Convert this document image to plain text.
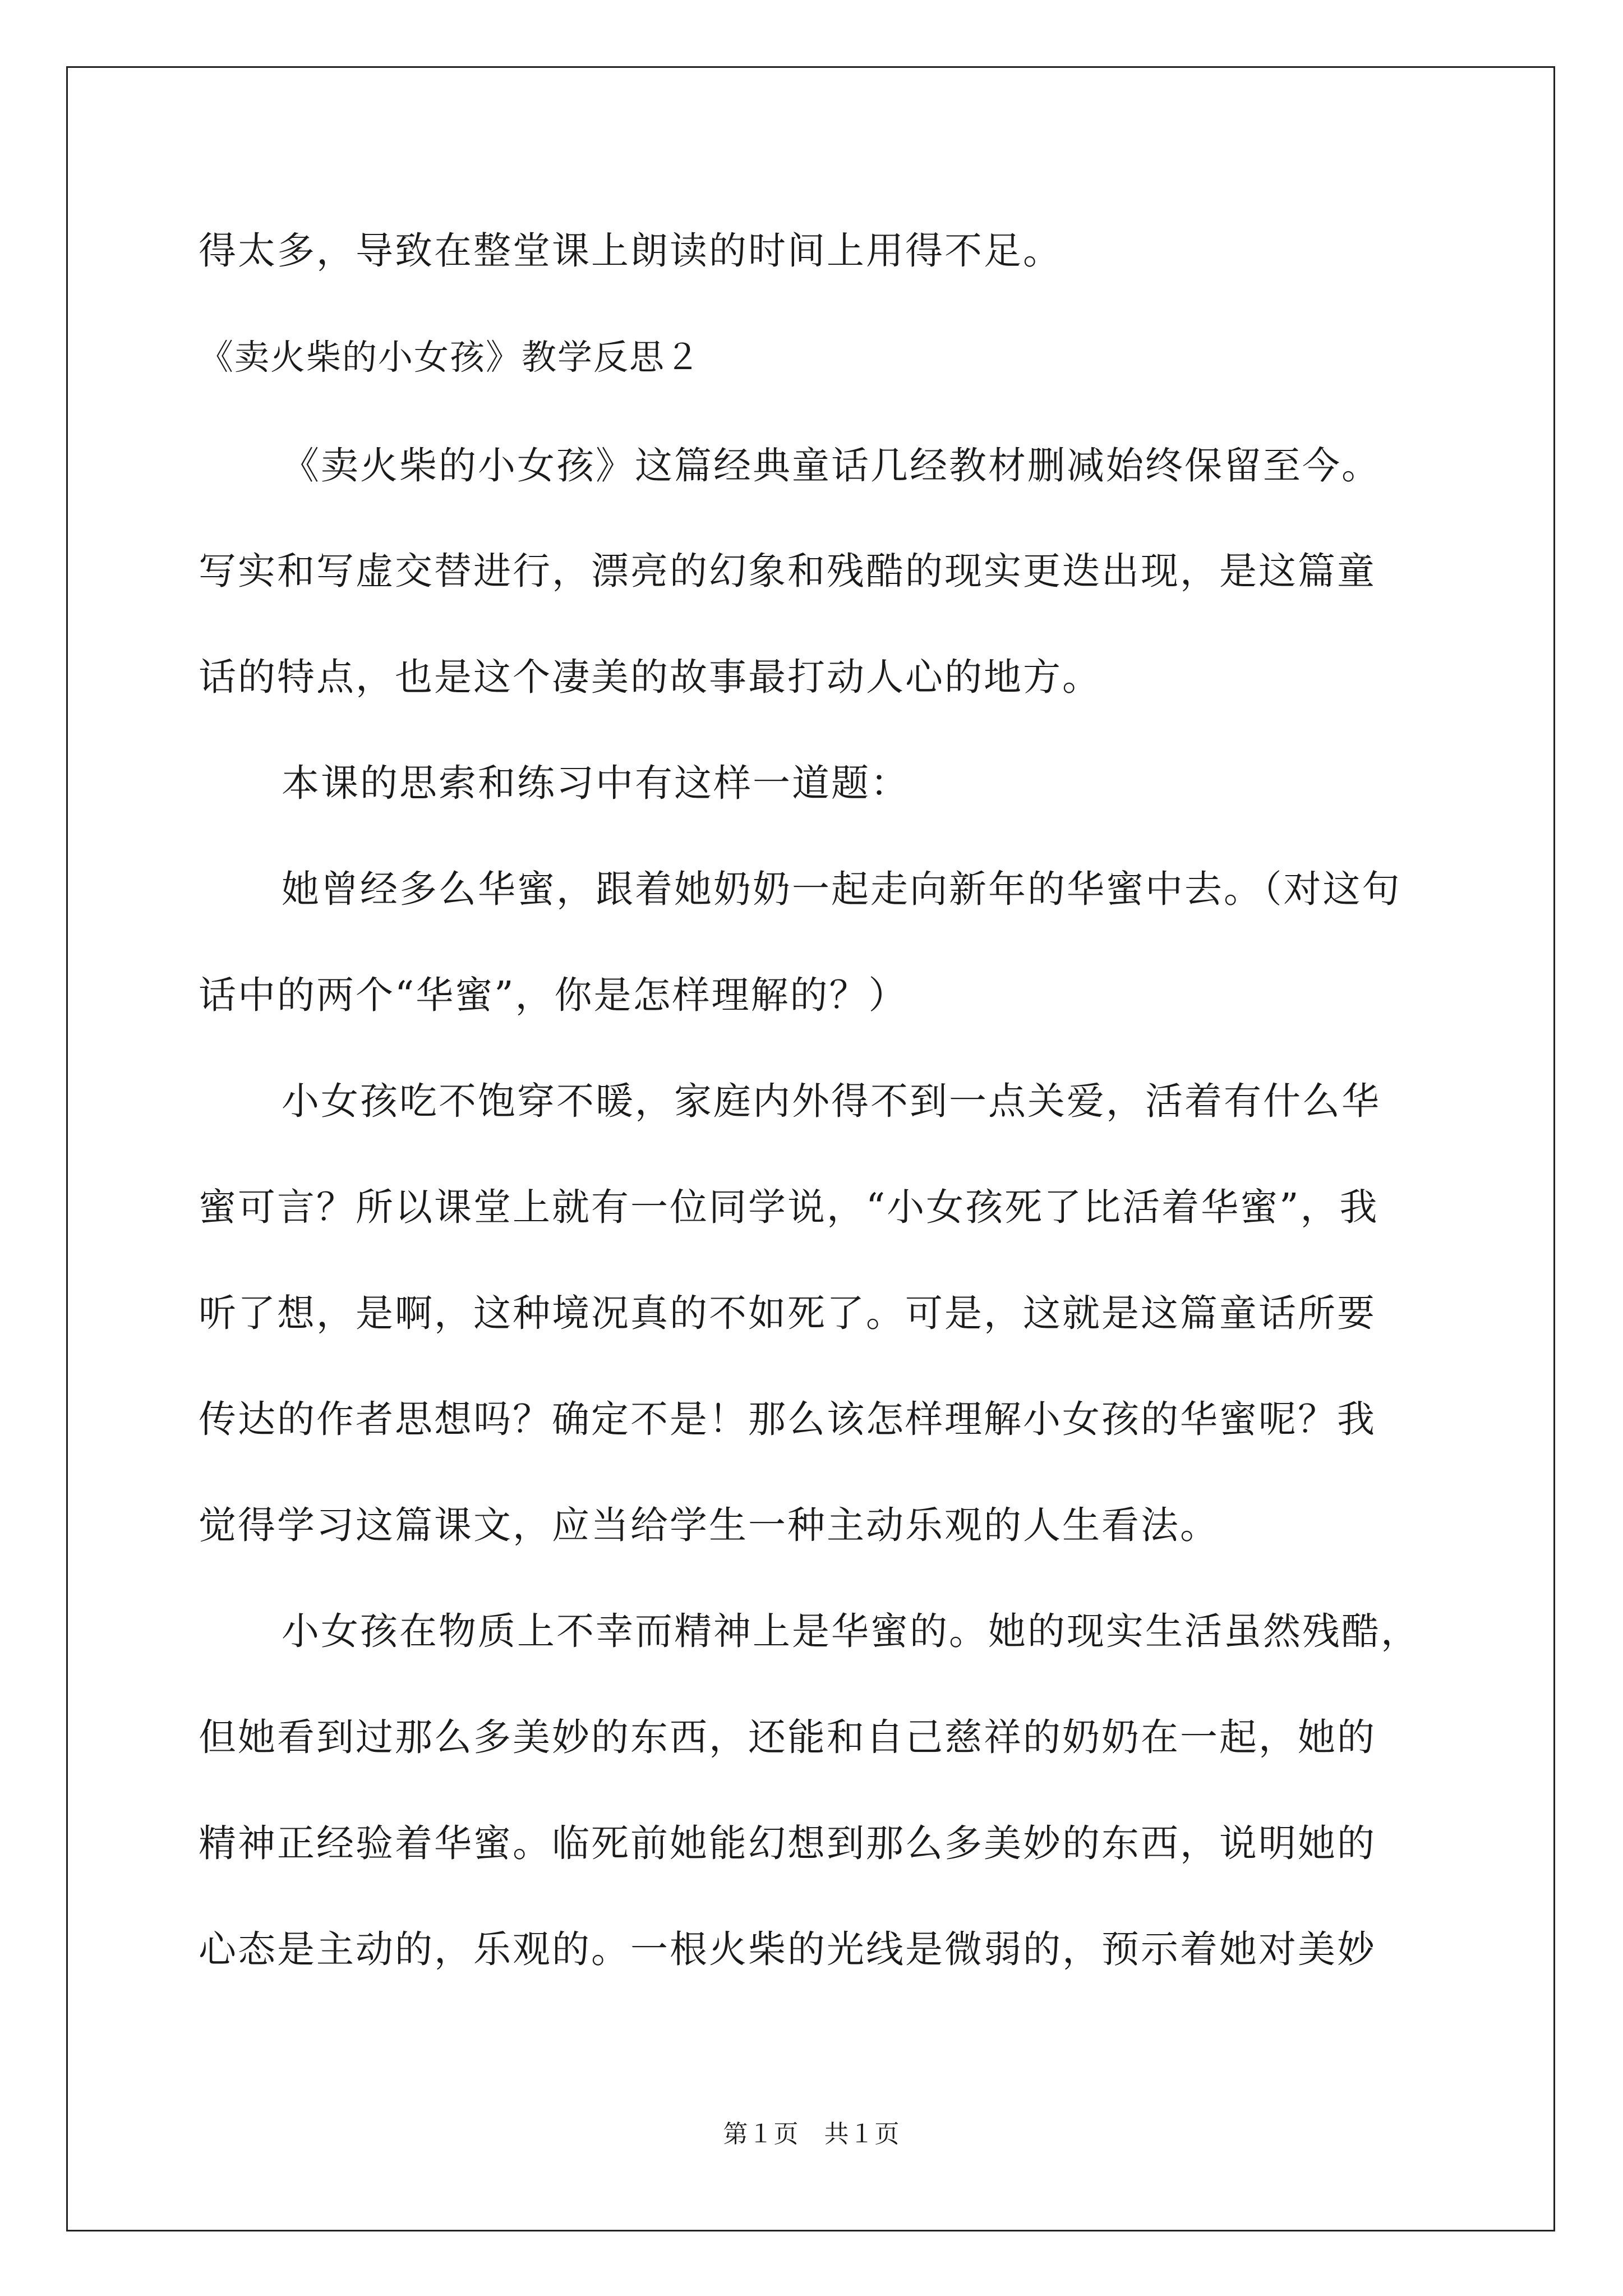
得太多，导致在整堂课上朗读的时间上用得不足。
《卖火柴的小女孩》教学反思２
《卖火柴的小女孩》这篇经典童话几经教材删减始终保留至今。
写实和写虚交替进行，漂亮的幻象和残酷的现实更迭出现，是这篇童
话的特点，也是这个凄美的故事最打动人心的地方。
本课的思索和练习中有这样一道题：
她曾经多么华蜜，跟着她奶奶一起走向新年的华蜜中去。（对这句
话中的两个“华蜜”，你是怎样理解的？）
小女孩吃不饱穿不暖，家庭内外得不到一点关爱，活着有什么华
蜜可言？所以课堂上就有一位同学说，“小女孩死了比活着华蜜”，我
听了想，是啊，这种境况真的不如死了。可是，这就是这篇童话所要
传达的作者思想吗？确定不是！那么该怎样理解小女孩的华蜜呢？我
觉得学习这篇课文，应当给学生一种主动乐观的人生看法。
小女孩在物质上不幸而精神上是华蜜的。她的现实生活虽然残酷，
但她看到过那么多美妙的东西，还能和自己慈祥的奶奶在一起，她的
精神正经验着华蜜。临死前她能幻想到那么多美妙的东西，说明她的
心态是主动的，乐观的。一根火柴的光线是微弱的，预示着她对美妙
第１页　共１页
